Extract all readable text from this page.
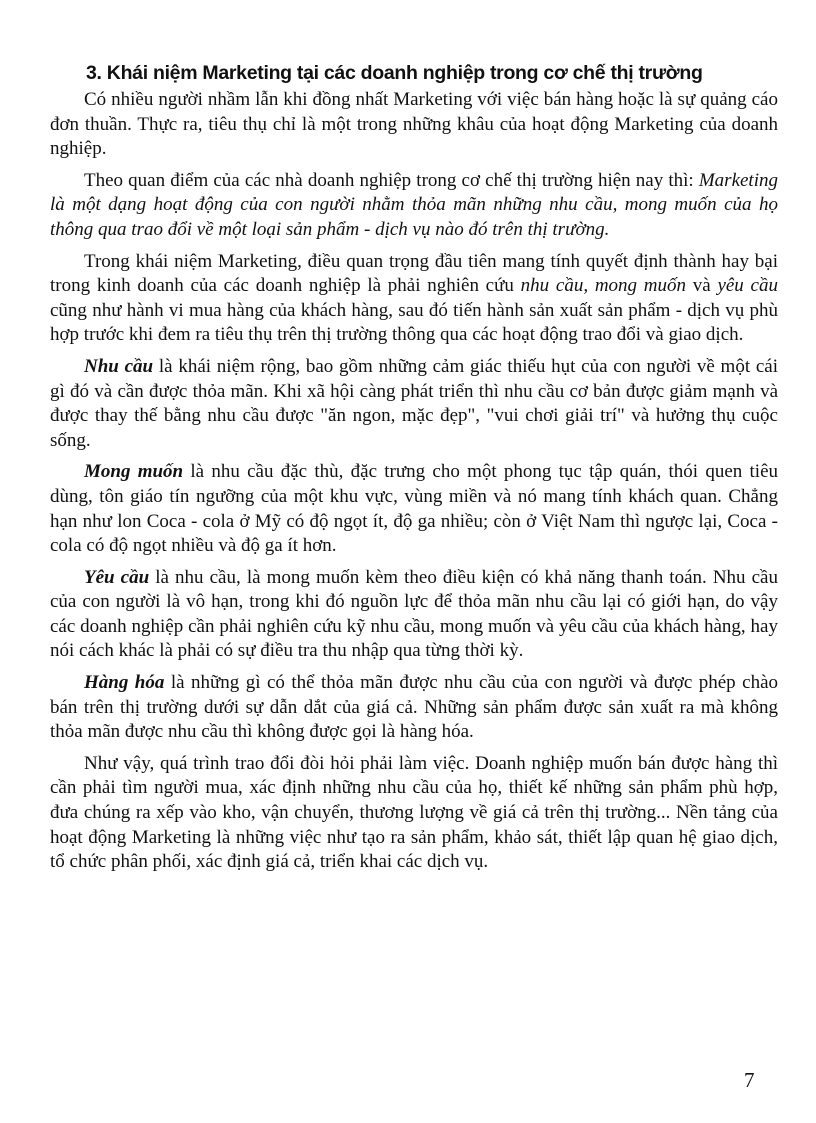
3. Khái niệm Marketing tại các doanh nghiệp trong cơ chế thị trường

Có nhiều người nhầm lẫn khi đồng nhất Marketing với việc bán hàng hoặc là sự quảng cáo đơn thuần. Thực ra, tiêu thụ chỉ là một trong những khâu của hoạt động Marketing của doanh nghiệp.

Theo quan điểm của các nhà doanh nghiệp trong cơ chế thị trường hiện nay thì: Marketing là một dạng hoạt động của con người nhằm thỏa mãn những nhu cầu, mong muốn của họ thông qua trao đổi về một loại sản phẩm - dịch vụ nào đó trên thị trường.

Trong khái niệm Marketing, điều quan trọng đầu tiên mang tính quyết định thành hay bại trong kinh doanh của các doanh nghiệp là phải nghiên cứu nhu cầu, mong muốn và yêu cầu cũng như hành vi mua hàng của khách hàng, sau đó tiến hành sản xuất sản phẩm - dịch vụ phù hợp trước khi đem ra tiêu thụ trên thị trường thông qua các hoạt động trao đổi và giao dịch.

Nhu cầu là khái niệm rộng, bao gồm những cảm giác thiếu hụt của con người về một cái gì đó và cần được thỏa mãn. Khi xã hội càng phát triển thì nhu cầu cơ bản được giảm mạnh và được thay thế bằng nhu cầu được "ăn ngon, mặc đẹp", "vui chơi giải trí" và hưởng thụ cuộc sống.

Mong muốn là nhu cầu đặc thù, đặc trưng cho một phong tục tập quán, thói quen tiêu dùng, tôn giáo tín ngưỡng của một khu vực, vùng miền và nó mang tính khách quan. Chẳng hạn như lon Coca - cola ở Mỹ có độ ngọt ít, độ ga nhiều; còn ở Việt Nam thì ngược lại, Coca - cola có độ ngọt nhiều và độ ga ít hơn.

Yêu cầu là nhu cầu, là mong muốn kèm theo điều kiện có khả năng thanh toán. Nhu cầu của con người là vô hạn, trong khi đó nguồn lực để thỏa mãn nhu cầu lại có giới hạn, do vậy các doanh nghiệp cần phải nghiên cứu kỹ nhu cầu, mong muốn và yêu cầu của khách hàng, hay nói cách khác là phải có sự điều tra thu nhập qua từng thời kỳ.

Hàng hóa là những gì có thể thỏa mãn được nhu cầu của con người và được phép chào bán trên thị trường dưới sự dẫn dắt của giá cả. Những sản phẩm được sản xuất ra mà không thỏa mãn được nhu cầu thì không được gọi là hàng hóa.

Như vậy, quá trình trao đổi đòi hỏi phải làm việc. Doanh nghiệp muốn bán được hàng thì cần phải tìm người mua, xác định những nhu cầu của họ, thiết kế những sản phẩm phù hợp, đưa chúng ra xếp vào kho, vận chuyển, thương lượng về giá cả trên thị trường... Nền tảng của hoạt động Marketing là những việc như tạo ra sản phẩm, khảo sát, thiết lập quan hệ giao dịch, tổ chức phân phối, xác định giá cả, triển khai các dịch vụ.

7
